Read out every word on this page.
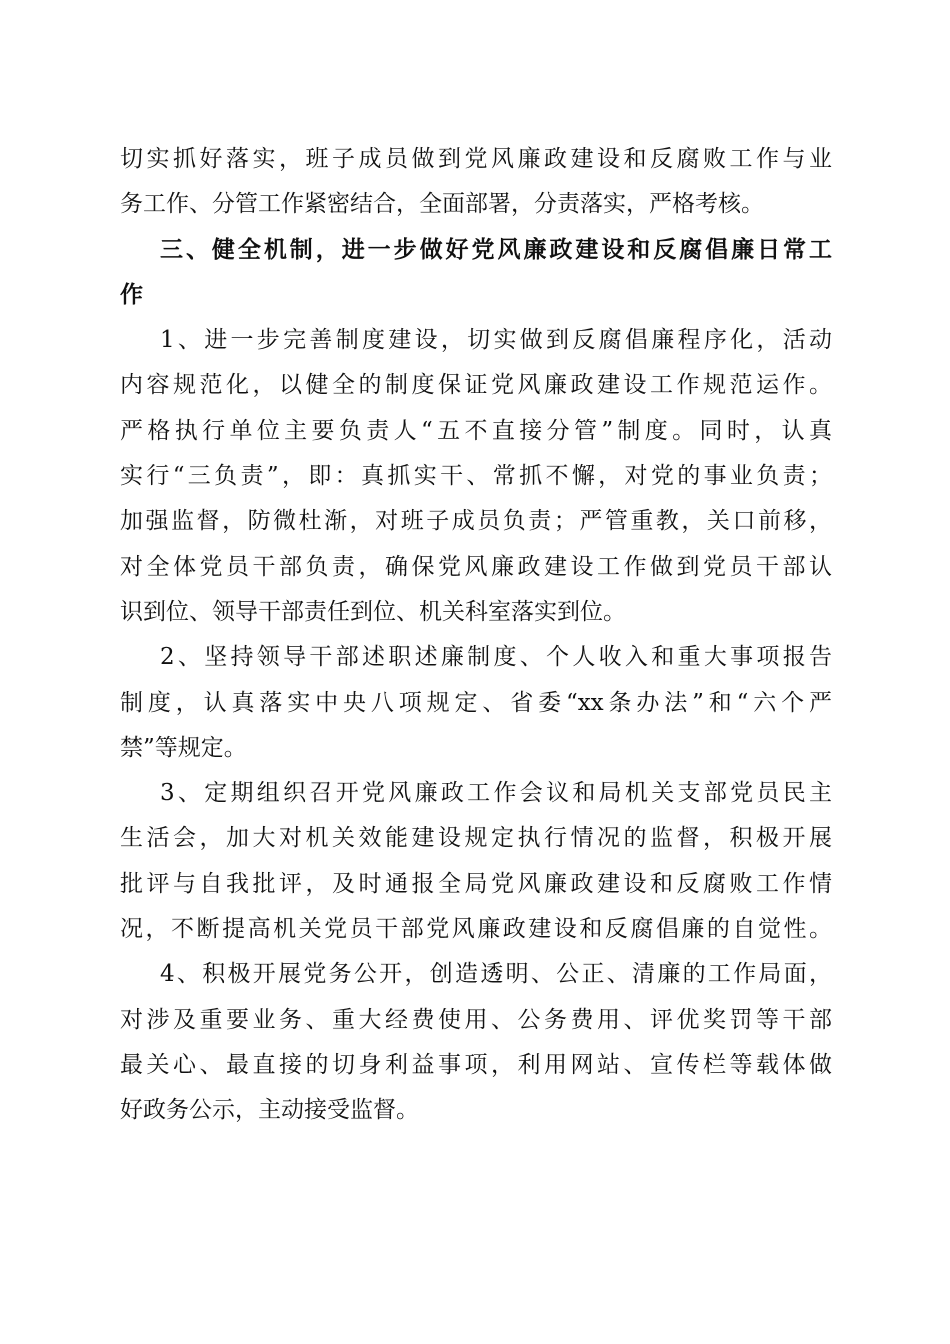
切实抓好落实，班子成员做到党风廉政建设和反腐败工作与业
务工作、分管工作紧密结合，全面部署，分责落实，严格考核。
三、健全机制，进一步做好党风廉政建设和反腐倡廉日常工
作
1、进一步完善制度建设，切实做到反腐倡廉程序化，活动
内容规范化，以健全的制度保证党风廉政建设工作规范运作。
严格执行单位主要负责人“五不直接分管”制度。同时，认真
实行“三负责”，即：真抓实干、常抓不懈，对党的事业负责；
加强监督，防微杜渐，对班子成员负责；严管重教，关口前移，
对全体党员干部负责，确保党风廉政建设工作做到党员干部认
识到位、领导干部责任到位、机关科室落实到位。
2、坚持领导干部述职述廉制度、个人收入和重大事项报告
制度，认真落实中央八项规定、省委“xx条办法”和“六个严
禁”等规定。
3、定期组织召开党风廉政工作会议和局机关支部党员民主
生活会，加大对机关效能建设规定执行情况的监督，积极开展
批评与自我批评，及时通报全局党风廉政建设和反腐败工作情
况，不断提高机关党员干部党风廉政建设和反腐倡廉的自觉性。
4、积极开展党务公开，创造透明、公正、清廉的工作局面，
对涉及重要业务、重大经费使用、公务费用、评优奖罚等干部
最关心、最直接的切身利益事项，利用网站、宣传栏等载体做
好政务公示，主动接受监督。
